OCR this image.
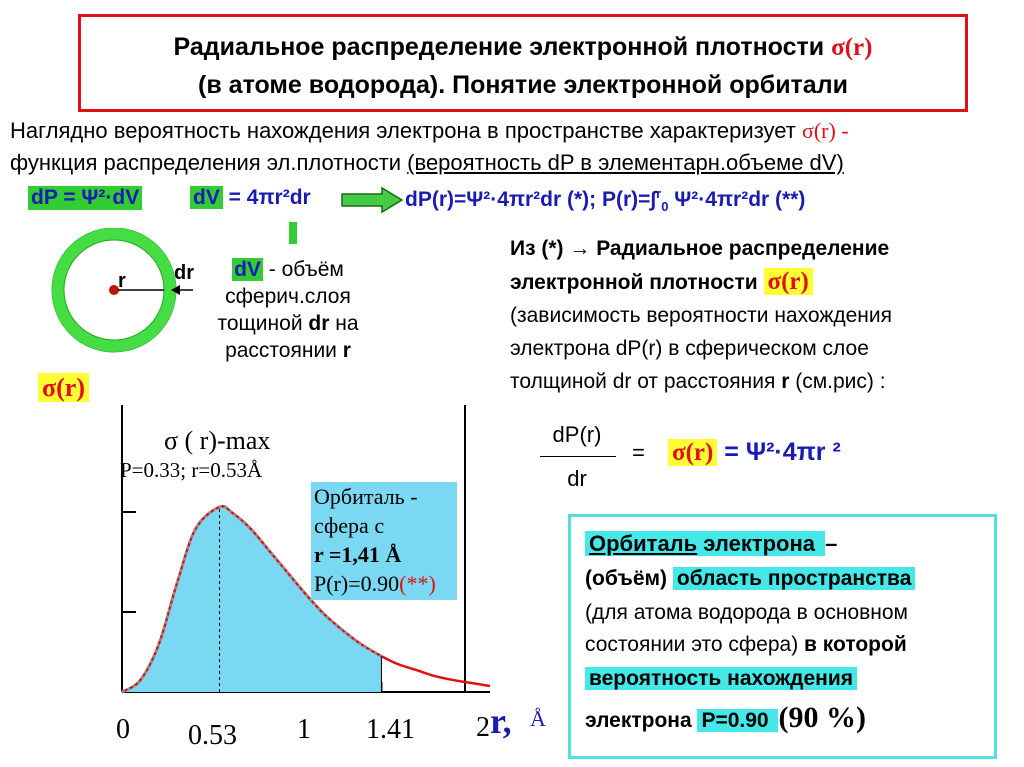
Радиальное распределение электронной плотности σ(r)
(в атоме водорода). Понятие электронной орбитали
Наглядно вероятность нахождения электрона в пространстве характеризует σ(r) -
функция распределения эл.плотности (вероятность dP в элементарн.объеме dV)
dP = Ψ²·dV	dV = 4πr²dr	dP(r)=Ψ²·4πr²dr (*); P(r)=∫$^r_0$ Ψ²·4πr²dr (**)
r dr	dV - объём
сферич.слоя
тощиной dr на
расстоянии r
Из (*) → Радиальное распределение
электронной плотности σ(r)
(зависимость вероятности нахождения
электрона dP(r) в сферическом слое
толщиной dr от расстояния r (см.рис) :
dP(r)
dr
= σ(r) = Ψ²·4πr ²
σ(r)
σ ( r)-max
P=0.33; r=0.53Å
Орбиталь -
сфера с
r =1,41 Å
P(r)=0.90(**)
0 0.53 1 1.41 2 r, Å
Орбиталь электрона –
(объём) область пространства
(для атома водорода в основном
состоянии это сфера) в которой
вероятность нахождения
электрона P=0.90 (90 %)
